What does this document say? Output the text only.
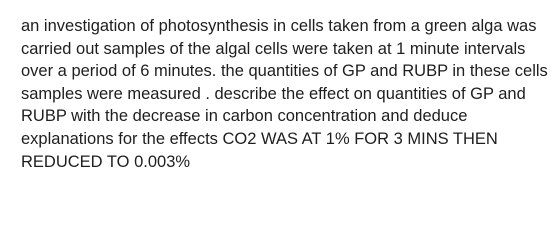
an investigation of photosynthesis in cells taken from a green alga was carried out samples of the algal cells were taken at 1 minute intervals over a period of 6 minutes. the quantities of GP and RUBP in these cells samples were measured . describe the effect on quantities of GP and RUBP with the decrease in carbon concentration and deduce explanations for the effects CO2 WAS AT 1% FOR 3 MINS THEN REDUCED TO 0.003%
